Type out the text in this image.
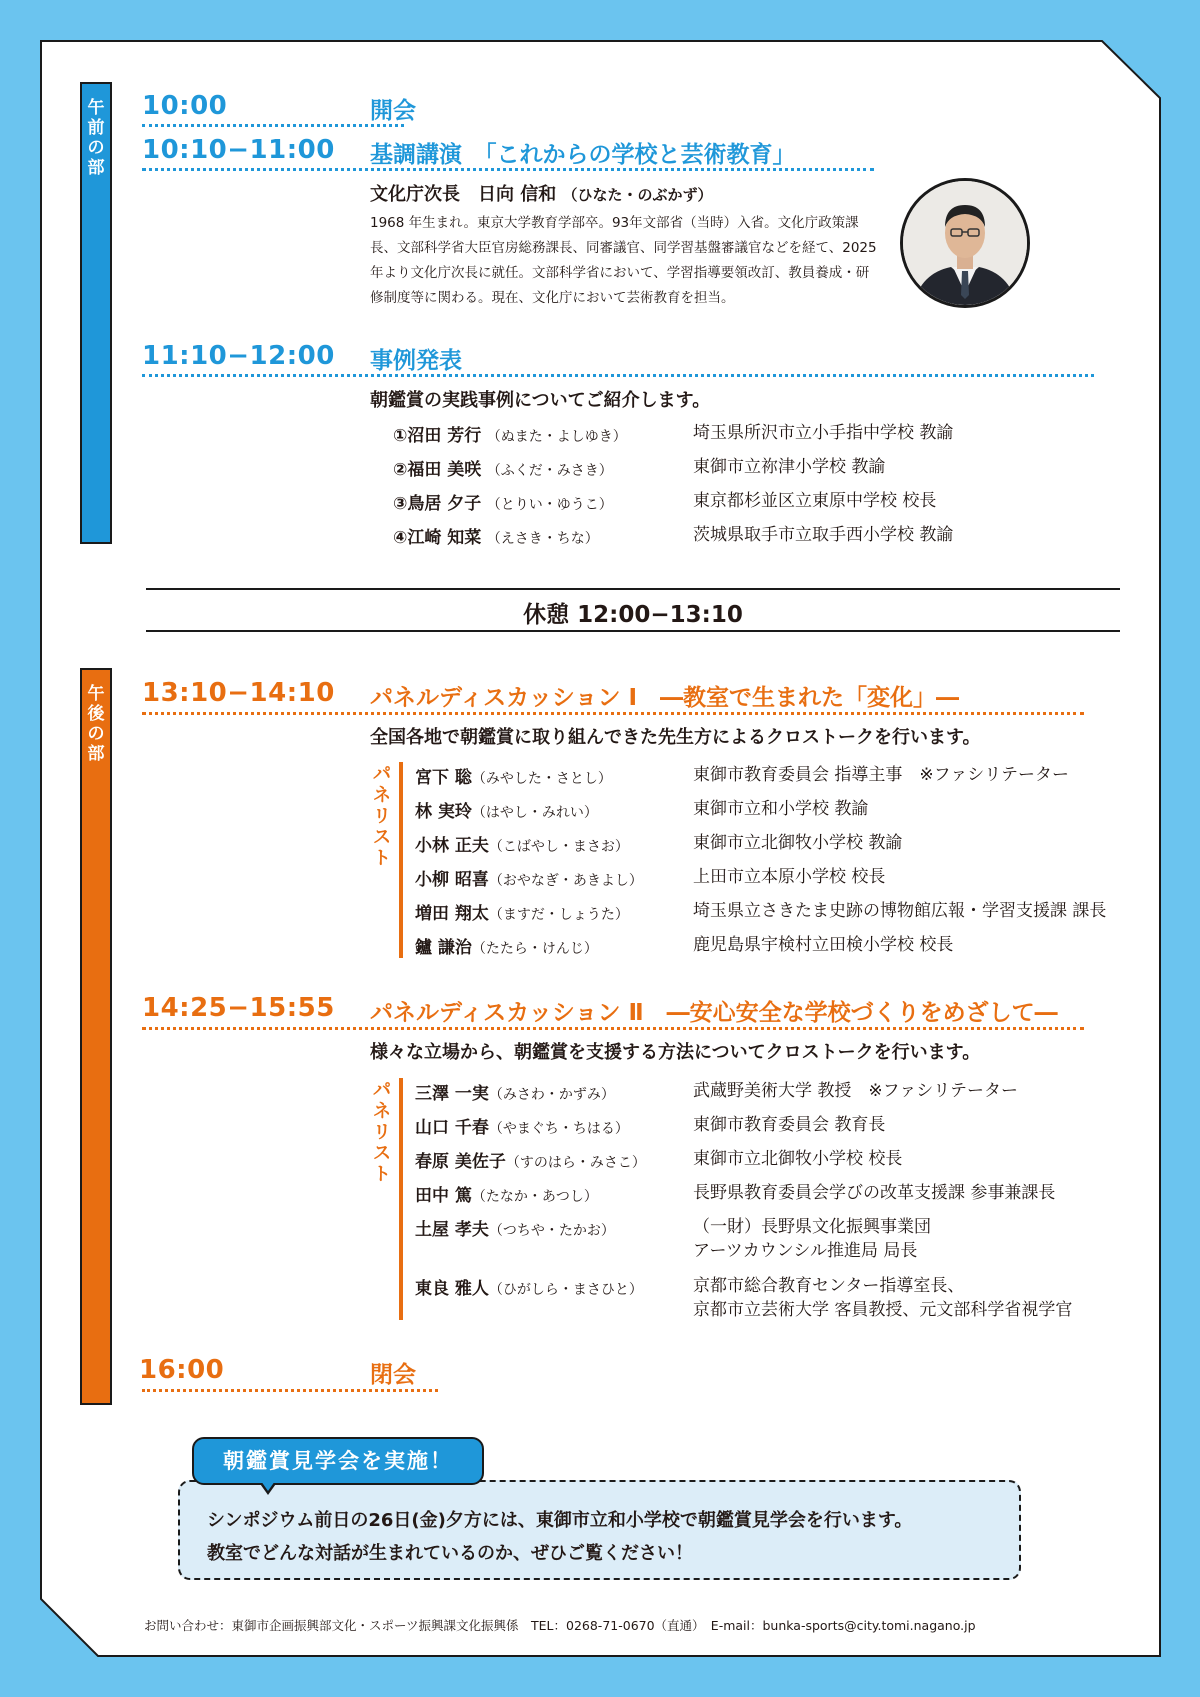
午
前
の
部
午
後
の
部
10:00	開会
10:10−11:00 基調講演　「これからの学校と芸術教育」
文化庁次長　日向 信和 （ひなた・のぶかず）
1968 年生まれ。東京大学教育学部卒。93年文部省（当時）入省。文化庁政策課長、文部科学省大臣官房総務課長、同審議官、同学習基盤審議官などを経て、2025年より文化庁次長に就任。文部科学省において、学習指導要領改訂、教員養成・研修制度等に関わる。現在、文化庁において芸術教育を担当。
11:10−12:00 事例発表
朝鑑賞の実践事例についてご紹介します。
①沼田 芳行 （ぬまた・よしゆき）	埼玉県所沢市立小手指中学校 教諭
②福田 美咲 （ふくだ・みさき）	東御市立祢津小学校 教諭
③鳥居 夕子 （とりい・ゆうこ）	東京都杉並区立東原中学校 校長
④江崎 知菜 （えさき・ちな）	茨城県取手市立取手西小学校 教諭
休憩 12:00−13:10
13:10−14:10 パネルディスカッション Ⅰ　―教室で生まれた「変化」―
全国各地で朝鑑賞に取り組んできた先生方によるクロストークを行います。
パ
ネ
リ
ス
ト
宮下 聡（みやした・さとし）	東御市教育委員会 指導主事　※ファシリテーター
林 実玲（はやし・みれい）	東御市立和小学校 教諭
小林 正夫（こばやし・まさお）	東御市立北御牧小学校 教諭
小柳 昭喜（おやなぎ・あきよし）	上田市立本原小学校 校長
増田 翔太（ますだ・しょうた）	埼玉県立さきたま史跡の博物館広報・学習支援課 課長
鑪 謙治（たたら・けんじ）	鹿児島県宇検村立田検小学校 校長
14:25−15:55 パネルディスカッション Ⅱ　―安心安全な学校づくりをめざして―
様々な立場から、朝鑑賞を支援する方法についてクロストークを行います。
パ
ネ
リ
ス
ト
三澤 一実（みさわ・かずみ）	武蔵野美術大学 教授　※ファシリテーター
山口 千春（やまぐち・ちはる）	東御市教育委員会 教育長
春原 美佐子（すのはら・みさこ）	東御市立北御牧小学校 校長
田中 篤（たなか・あつし）	長野県教育委員会学びの改革支援課 参事兼課長
土屋 孝夫（つちや・たかお）	（一財）長野県文化振興事業団
アーツカウンシル推進局 局長
東良 雅人（ひがしら・まさひと）	京都市総合教育センター指導室長、
京都市立芸術大学 客員教授、元文部科学省視学官
16:00	閉会
シンポジウム前日の26日(金)夕方には、東御市立和小学校で朝鑑賞見学会を行います。
教室でどんな対話が生まれているのか、ぜひご覧ください！
朝鑑賞見学会を実施！
お問い合わせ：東御市企画振興部文化・スポーツ振興課文化振興係　TEL：0268-71-0670（直通）　E-mail：bunka-sports@city.tomi.nagano.jp
